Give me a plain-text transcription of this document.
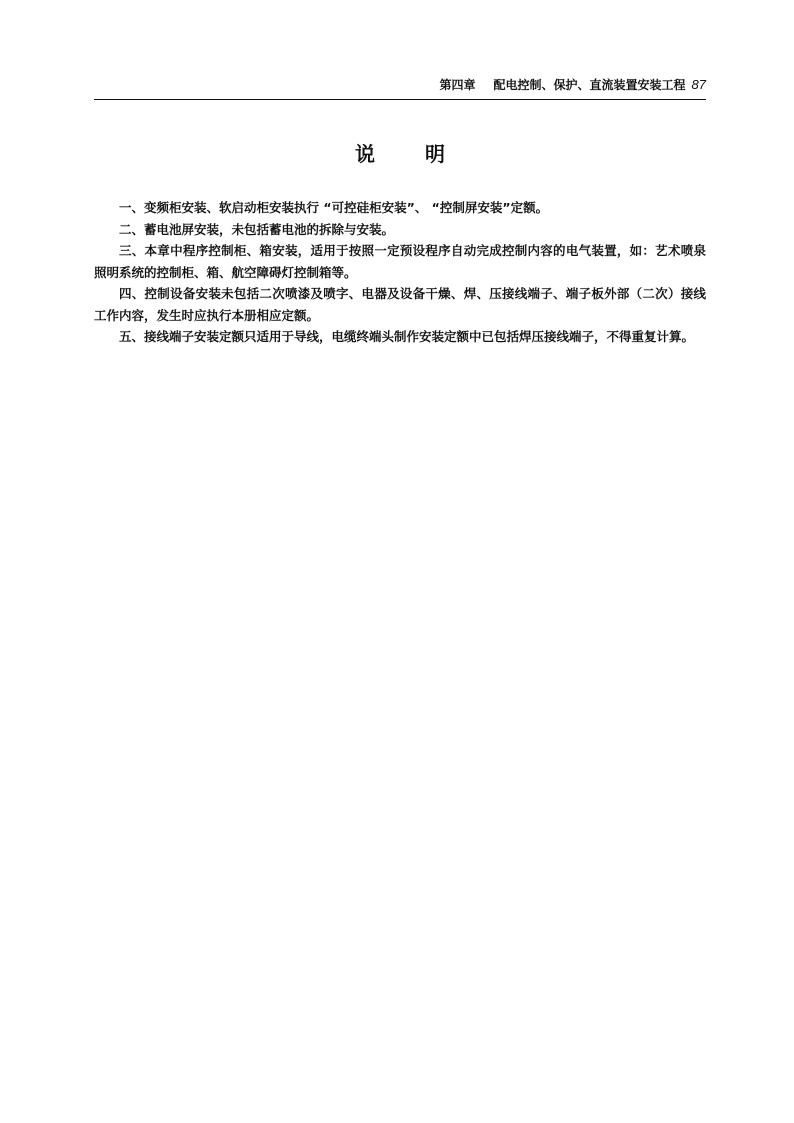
第四章 配电控制、保护、直流装置安装工程 87
说明

一、变频柜安装、软启动柜安装执行 “可控硅柜安装”、 “控制屏安装”定额。

二、蓄电池屏安装，未包括蓄电池的拆除与安装。

三、本章中程序控制柜、箱安装，适用于按照一定预设程序自动完成控制内容的电气装置，如：艺术喷泉照明系统的控制柜、箱、航空障碍灯控制箱等。

四、控制设备安装未包括二次喷漆及喷字、电器及设备干燥、焊、压接线端子、端子板外部（二次）接线工作内容，发生时应执行本册相应定额。

五、接线端子安装定额只适用于导线，电缆终端头制作安装定额中已包括焊压接线端子，不得重复计算。
